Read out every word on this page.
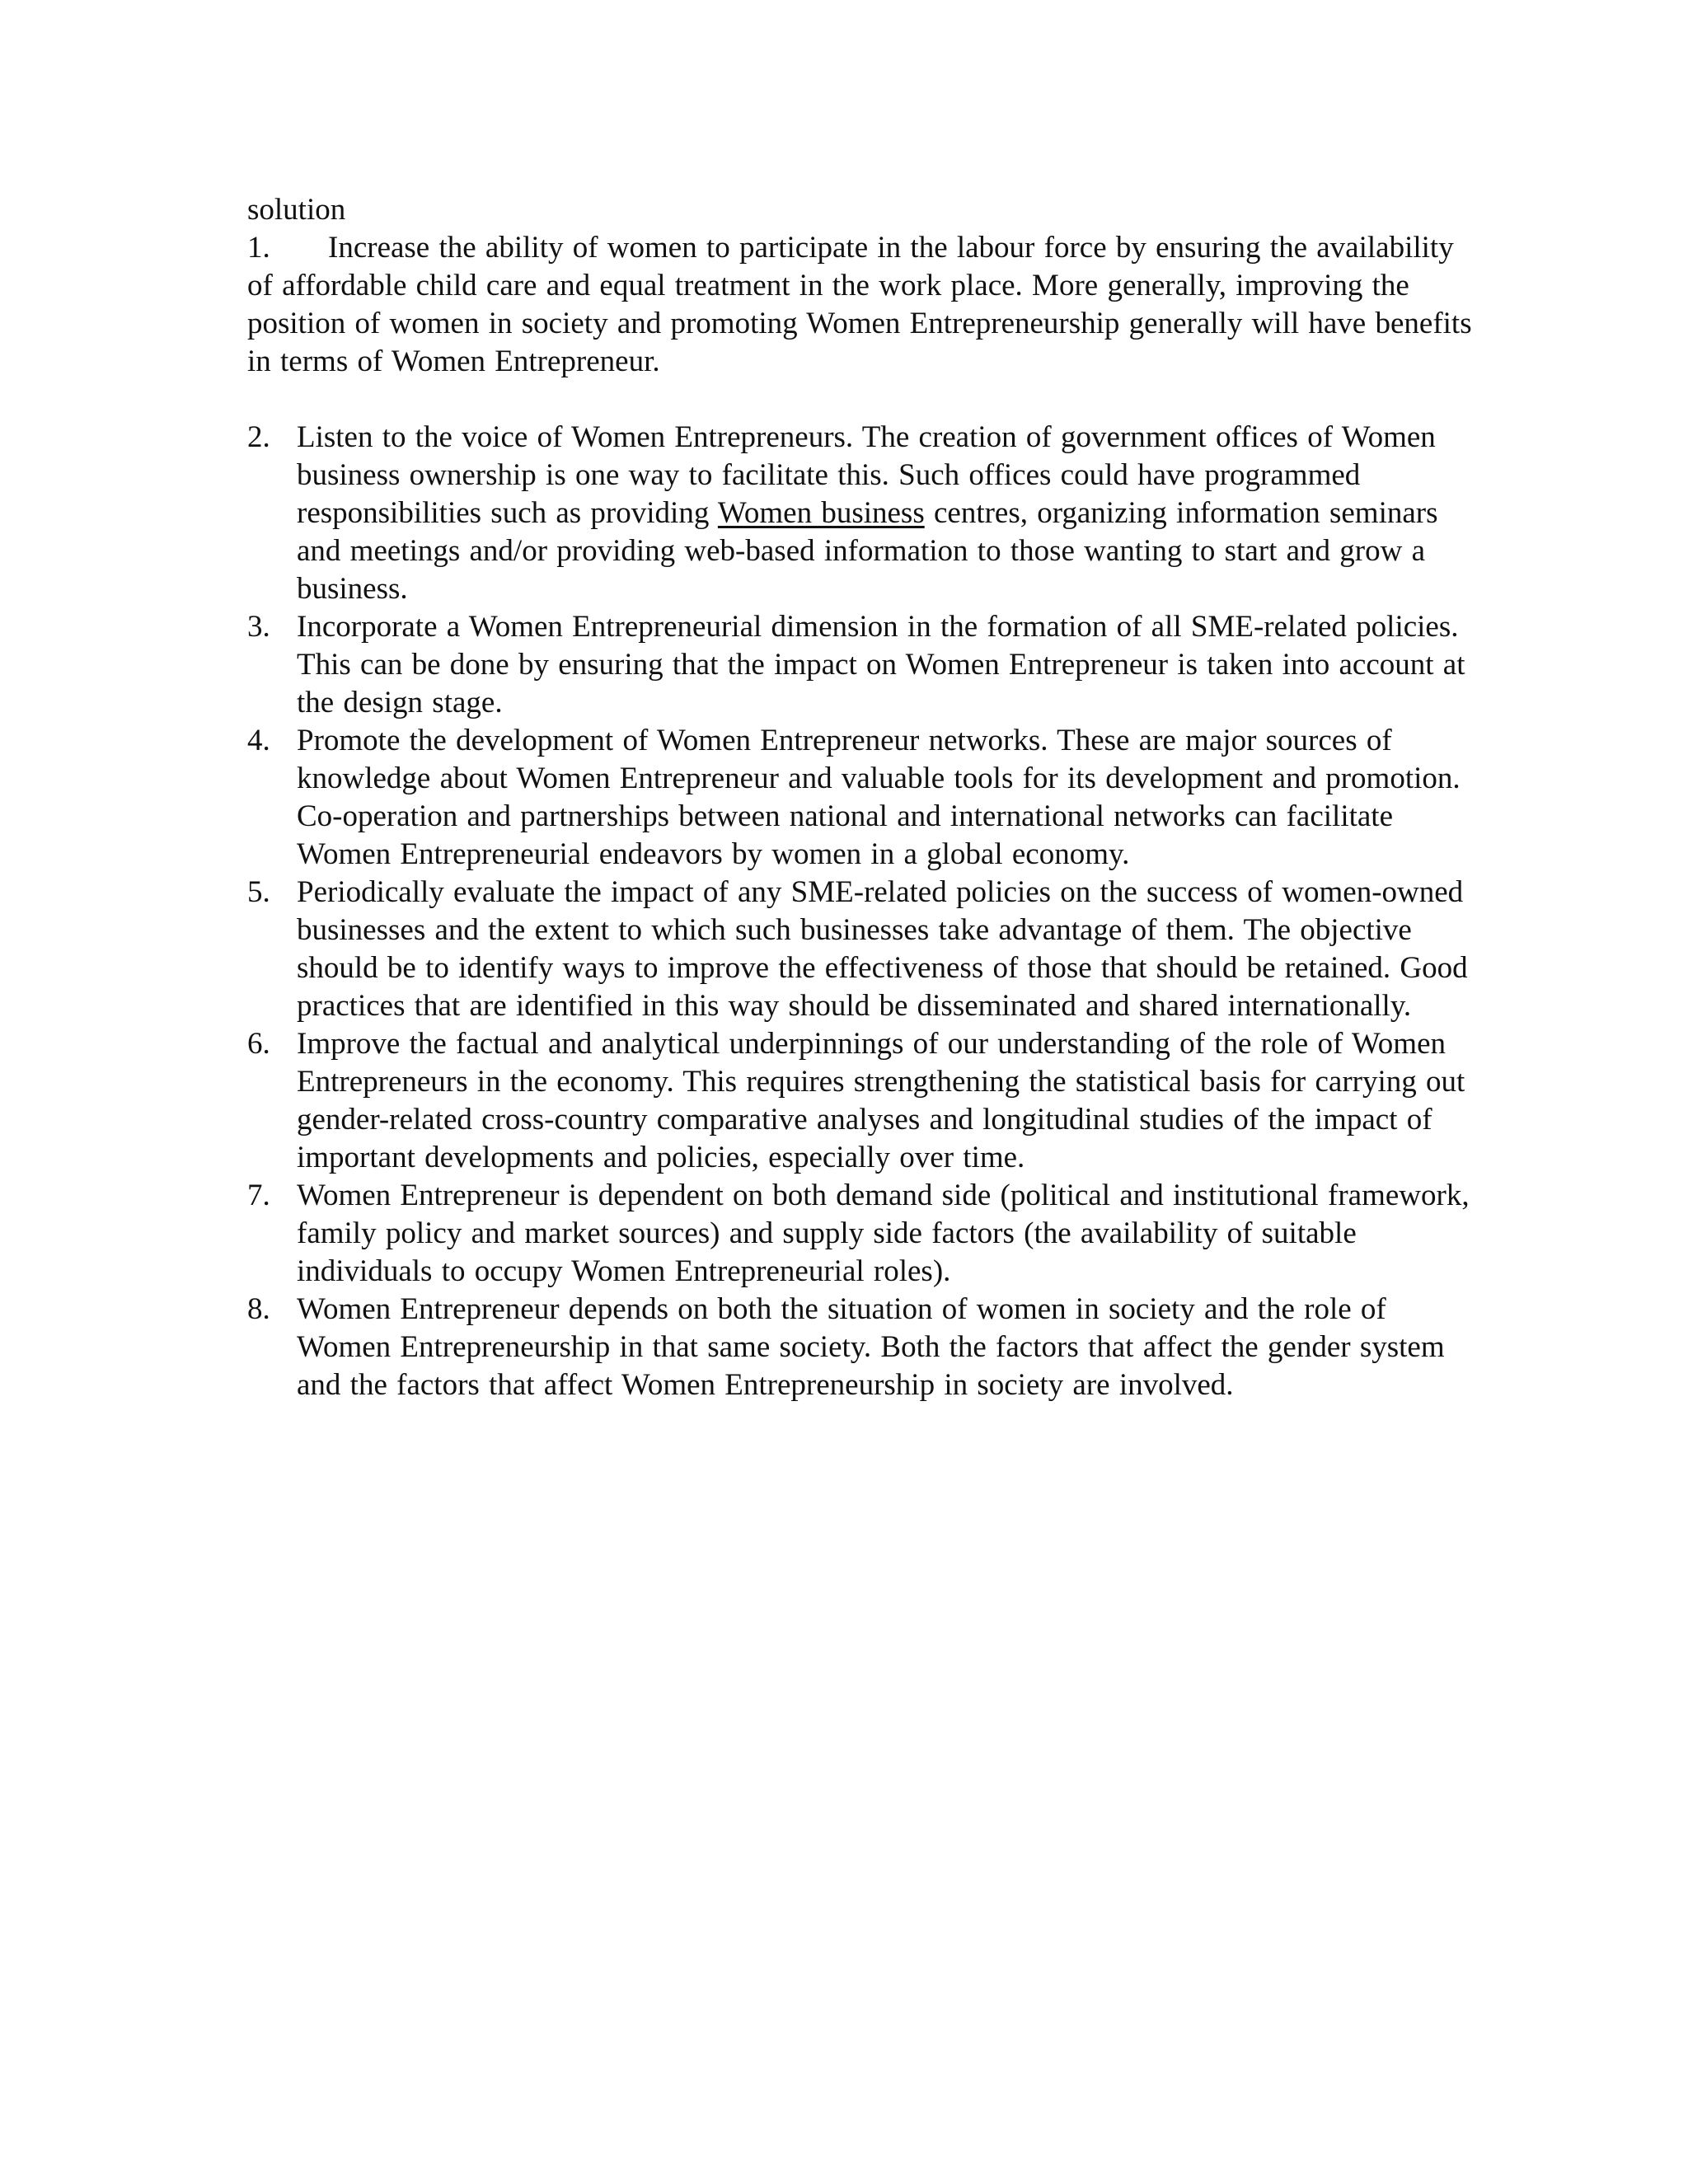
solution

1. Increase the ability of women to participate in the labour force by ensuring the availability of affordable child care and equal treatment in the work place. More generally, improving the position of women in society and promoting Women Entrepreneurship generally will have benefits in terms of Women Entrepreneur.

2. Listen to the voice of Women Entrepreneurs. The creation of government offices of Women business ownership is one way to facilitate this. Such offices could have programmed responsibilities such as providing Women business centres, organizing information seminars and meetings and/or providing web-based information to those wanting to start and grow a business.
3. Incorporate a Women Entrepreneurial dimension in the formation of all SME-related policies. This can be done by ensuring that the impact on Women Entrepreneur is taken into account at the design stage.
4. Promote the development of Women Entrepreneur networks. These are major sources of knowledge about Women Entrepreneur and valuable tools for its development and promotion. Co-operation and partnerships between national and international networks can facilitate Women Entrepreneurial endeavors by women in a global economy.
5. Periodically evaluate the impact of any SME-related policies on the success of women-owned businesses and the extent to which such businesses take advantage of them. The objective should be to identify ways to improve the effectiveness of those that should be retained. Good practices that are identified in this way should be disseminated and shared internationally.
6. Improve the factual and analytical underpinnings of our understanding of the role of Women Entrepreneurs in the economy. This requires strengthening the statistical basis for carrying out gender-related cross-country comparative analyses and longitudinal studies of the impact of important developments and policies, especially over time.
7. Women Entrepreneur is dependent on both demand side (political and institutional framework, family policy and market sources) and supply side factors (the availability of suitable individuals to occupy Women Entrepreneurial roles).
8. Women Entrepreneur depends on both the situation of women in society and the role of Women Entrepreneurship in that same society. Both the factors that affect the gender system and the factors that affect Women Entrepreneurship in society are involved.
